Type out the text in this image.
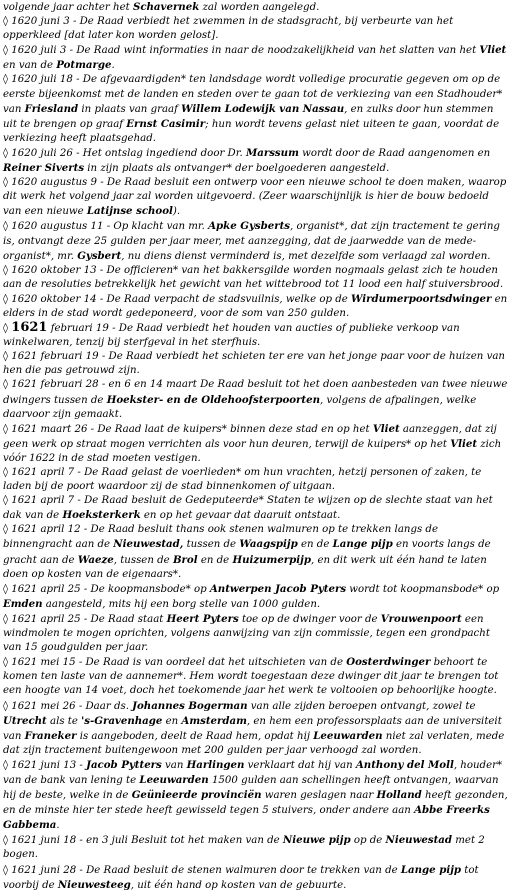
volgende jaar achter het Schavernek zal worden aangelegd.

◊ 1620 juni 3 - De Raad verbiedt het zwemmen in de stadsgracht, bij verbeurte van het opperkleed [dat later kon worden gelost].

◊ 1620 juli 3 - De Raad wint informaties in naar de noodzakelijkheid van het slatten van het Vliet en van de Potmarge.

◊ 1620 juli 18 - De afgevaardigden* ten landsdage wordt volledige procuratie gegeven om op de eerste bijeenkomst met de landen en steden over te gaan tot de verkiezing van een Stadhouder* van Friesland in plaats van graaf Willem Lodewijk van Nassau, en zulks door hun stemmen uit te brengen op graaf Ernst Casimir; hun wordt tevens gelast niet uiteen te gaan, voordat de verkiezing heeft plaatsgehad.

◊ 1620 juli 26 - Het ontslag ingediend door Dr. Marssum wordt door de Raad aangenomen en Reiner Siverts in zijn plaats als ontvanger* der boelgoederen aangesteld.

◊ 1620 augustus 9 - De Raad besluit een ontwerp voor een nieuwe school te doen maken, waarop dit werk het volgend jaar zal worden uitgevoerd. (Zeer waarschijnlijk is hier de bouw bedoeld van een nieuwe Latijnse school).

◊ 1620 augustus 11 - Op klacht van mr. Apke Gysberts, organist*, dat zijn tractement te gering is, ontvangt deze 25 gulden per jaar meer, met aanzegging, dat de jaarwedde van de mede-organist*, mr. Gysbert, nu diens dienst verminderd is, met dezelfde som verlaagd zal worden.

◊ 1620 oktober 13 - De officieren* van het bakkersgilde worden nogmaals gelast zich te houden aan de resoluties betrekkelijk het gewicht van het wittebrood tot 11 lood een half stuiversbrood.

◊ 1620 oktober 14 - De Raad verpacht de stadsvuilnis, welke op de Wirdumerpoortsdwinger en elders in de stad wordt gedeponeerd, voor de som van 250 gulden.

◊ 1621 februari 19 - De Raad verbiedt het houden van aucties of publieke verkoop van winkelwaren, tenzij bij sterfgeval in het sterfhuis.

◊ 1621 februari 19 - De Raad verbiedt het schieten ter ere van het jonge paar voor de huizen van hen die pas getrouwd zijn.

◊ 1621 februari 28 - en 6 en 14 maart De Raad besluit tot het doen aanbesteden van twee nieuwe dwingers tussen de Hoekster- en de Oldehoofsterpoorten, volgens de afpalingen, welke daarvoor zijn gemaakt.

◊ 1621 maart 26 - De Raad laat de kuipers* binnen deze stad en op het Vliet aanzeggen, dat zij geen werk op straat mogen verrichten als voor hun deuren, terwijl de kuipers* op het Vliet zich vóór 1622 in de stad moeten vestigen.

◊ 1621 april 7 - De Raad gelast de voerlieden* om hun vrachten, hetzij personen of zaken, te laden bij de poort waardoor zij de stad binnenkomen of uitgaan.

◊ 1621 april 7 - De Raad besluit de Gedeputeerde* Staten te wijzen op de slechte staat van het dak van de Hoeksterkerk en op het gevaar dat daaruit ontstaat.

◊ 1621 april 12 - De Raad besluit thans ook stenen walmuren op te trekken langs de binnengracht aan de Nieuwestad, tussen de Waagspijp en de Lange pijp en voorts langs de gracht aan de Waeze, tussen de Brol en de Huizumerpijp, en dit werk uit één hand te laten doen op kosten van de eigenaars*.

◊ 1621 april 25 - De koopmansbode* op Antwerpen Jacob Pyters wordt tot koopmansbode* op Emden aangesteld, mits hij een borg stelle van 1000 gulden.

◊ 1621 april 25 - De Raad staat Heert Pyters toe op de dwinger voor de Vrouwenpoort een windmolen te mogen oprichten, volgens aanwijzing van zijn commissie, tegen een grondpacht van 15 goudgulden per jaar.

◊ 1621 mei 15 - De Raad is van oordeel dat het uitschieten van de Oosterdwinger behoort te komen ten laste van de aannemer*. Hem wordt toegestaan deze dwinger dit jaar te brengen tot een hoogte van 14 voet, doch het toekomende jaar het werk te voltooien op behoorlijke hoogte.

◊ 1621 mei 26 - Daar ds. Johannes Bogerman van alle zijden beroepen ontvangt, zowel te Utrecht als te 's-Gravenhage en Amsterdam, en hem een professorsplaats aan de universiteit van Franeker is aangeboden, deelt de Raad hem, opdat hij Leeuwarden niet zal verlaten, mede dat zijn tractement buitengewoon met 200 gulden per jaar verhoogd zal worden.

◊ 1621 juni 13 - Jacob Pytters van Harlingen verklaart dat hij van Anthony del Moll, houder* van de bank van lening te Leeuwarden 1500 gulden aan schellingen heeft ontvangen, waarvan hij de beste, welke in de Geünieerde provinciën waren geslagen naar Holland heeft gezonden, en de minste hier ter stede heeft gewisseld tegen 5 stuivers, onder andere aan Abbe Freerks Gabbema.

◊ 1621 juni 18 - en 3 juli Besluit tot het maken van de Nieuwe pijp op de Nieuwestad met 2 bogen.

◊ 1621 juni 28 - De Raad besluit de stenen walmuren door te trekken van de Lange pijp tot voorbij de Nieuwesteeg, uit één hand op kosten van de gebuurte.
